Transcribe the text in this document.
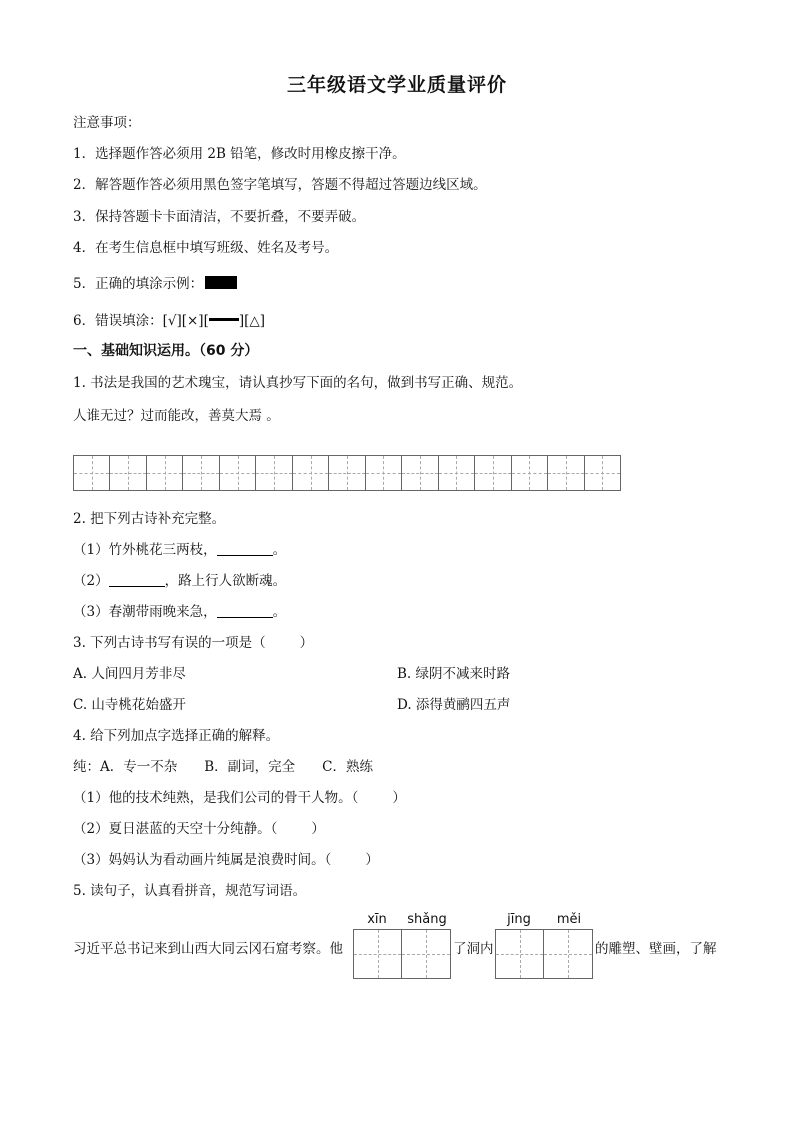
三年级语文学业质量评价
注意事项：
1．选择题作答必须用 2B 铅笔，修改时用橡皮擦干净。
2．解答题作答必须用黑色签字笔填写，答题不得超过答题边线区域。
3．保持答题卡卡面清洁，不要折叠，不要弄破。
4．在考生信息框中填写班级、姓名及考号。
5．正确的填涂示例：
6．错误填涂：[√][×][ ][△]
一、基础知识运用。（60 分）
1. 书法是我国的艺术瑰宝，请认真抄写下面的名句，做到书写正确、规范。
人谁无过？过而能改，善莫大焉 。
2. 把下列古诗补充完整。
（1）竹外桃花三两枝，	。
（2）	，路上行人欲断魂。
（3）春潮带雨晚来急，	。
3. 下列古诗书写有误的一项是（	）
A. 人间四月芳非尽	B. 绿阴不减来时路
C. 山寺桃花始盛开	D. 添得黄鹂四五声
4. 给下列加点字选择正确的解释。
纯：A．专一不杂　　B．副词，完全　　C．熟练
（1）他的技术纯熟，是我们公司的骨干人物。（	）
（2）夏日湛蓝的天空十分纯静。（	）
（3）妈妈认为看动画片纯属是浪费时间。（	）
5. 读句子，认真看拼音，规范写词语。
xīn	shǎng	jīng	měi
习近平总书记来到山西大同云冈石窟考察。他	了洞内	的雕塑、壁画，了解
